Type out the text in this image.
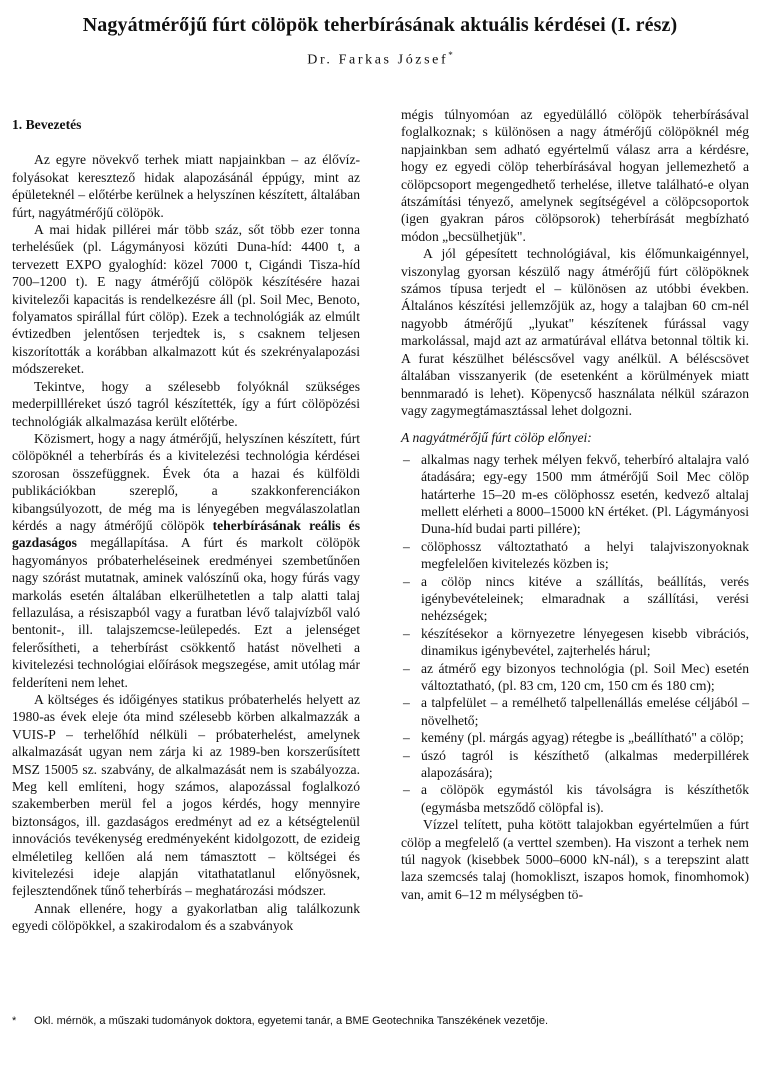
Nagyátmérőjű fúrt cölöpök teherbírásának aktuális kérdései (I. rész)
Dr. Farkas József*

1. Bevezetés

Az egyre növekvő terhek miatt napjainkban – az élővíz-folyásokat keresztező hidak alapozásánál éppúgy, mint az épületeknél – előtérbe kerülnek a helyszínen készített, általában fúrt, nagyátmérőjű cölöpök.

A mai hidak pillérei már több száz, sőt több ezer tonna terhelésűek (pl. Lágymányosi közúti Duna-híd: 4400 t, a tervezett EXPO gyaloghíd: közel 7000 t, Cigándi Tisza-híd 700–1200 t). E nagy átmérőjű cölöpök készítésére hazai kivitelezői kapacitás is rendelkezésre áll (pl. Soil Mec, Benoto, folyamatos spirállal fúrt cölöp). Ezek a technológiák az elmúlt évtizedben jelentősen terjedtek is, s csaknem teljesen kiszorították a korábban alkalmazott kút és szekrényalapozási módszereket.

Tekintve, hogy a szélesebb folyóknál szükséges mederpillléreket úszó tagról készítették, így a fúrt cölöpözési technológiák alkalmazása került előtérbe.

Közismert, hogy a nagy átmérőjű, helyszínen készített, fúrt cölöpöknél a teherbírás és a kivitelezési technológia kérdései szorosan összefüggnek. Évek óta a hazai és külföldi publikációkban szereplő, a szakkonferenciákon kibangsúlyozott, de még ma is lényegében megválaszolatlan kérdés a nagy átmérőjű cölöpök teherbírásának reális és gazdaságos megállapítása. A fúrt és markolt cölöpök hagyományos próbaterheléseinek eredményei szembetűnően nagy szórást mutatnak, aminek valószínű oka, hogy fúrás vagy markolás esetén általában elkerülhetetlen a talp alatti talaj fellazulása, a résiszapból vagy a furatban lévő talajvízből való bentonit-, ill. talajszemcse-leülepedés. Ezt a jelenséget felerősítheti, a teherbírást csökkentő hatást növelheti a kivitelezési technológiai előírások megszegése, amit utólag már felderíteni nem lehet.

A költséges és időigényes statikus próbaterhelés helyett az 1980-as évek eleje óta mind szélesebb körben alkalmazzák a VUIS-P – terhelőhíd nélküli – próbaterhelést, amelynek alkalmazását ugyan nem zárja ki az 1989-ben korszerűsített MSZ 15005 sz. szabvány, de alkalmazását nem is szabályozza. Meg kell említeni, hogy számos, alapozással foglalkozó szakemberben merül fel a jogos kérdés, hogy mennyire biztonságos, ill. gazdaságos eredményt ad ez a kétségtelenül innovációs tevékenység eredményeként kidolgozott, de ezideig elméletileg kellően alá nem támasztott – költségei és kivitelezési ideje alapján vitathatatlanul előnyösnek, fejlesztendőnek tűnő teherbírás – meghatározási módszer.

Annak ellenére, hogy a gyakorlatban alig találkozunk egyedi cölöpökkel, a szakirodalom és a szabványok

mégis túlnyomóan az egyedülálló cölöpök teherbírásával foglalkoznak; s különösen a nagy átmérőjű cölöpöknél még napjainkban sem adható egyértelmű válasz arra a kérdésre, hogy ez egyedi cölöp teherbírásával hogyan jellemezhető a cölöpcsoport megengedhető terhelése, illetve található-e olyan átszámítási tényező, amelynek segítségével a cölöpcsoportok (igen gyakran páros cölöpsorok) teherbírását megbízható módon „becsülhetjük".

A jól gépesített technológiával, kis élőmunkaigénnyel, viszonylag gyorsan készülő nagy átmérőjű fúrt cölöpöknek számos típusa terjedt el – különösen az utóbbi években. Általános készítési jellemzőjük az, hogy a talajban 60 cm-nél nagyobb átmérőjű „lyukat" készítenek fúrással vagy markolással, majd azt az armatúrával ellátva betonnal töltik ki. A furat készülhet béléscsővel vagy anélkül. A béléscsövet általában visszanyerik (de esetenként a körülmények miatt bennmaradó is lehet). Köpenycső használata nélkül szárazon vagy zagymegtámasztással lehet dolgozni.

A nagyátmérőjű fúrt cölöp előnyei:

– alkalmas nagy terhek mélyen fekvő, teherbíró altalajra való átadására; egy-egy 1500 mm átmérőjű Soil Mec cölöp határterhe 15–20 m-es cölöphossz esetén, kedvező altalaj mellett elérheti a 8000–15000 kN értéket. (Pl. Lágymányosi Duna-híd budai parti pillére);
– cölöphossz változtatható a helyi talajviszonyoknak megfelelően kivitelezés közben is;
– a cölöp nincs kitéve a szállítás, beállítás, verés igénybevételeinek; elmaradnak a szállítási, verési nehézségek;
– készítésekor a környezetre lényegesen kisebb vibrációs, dinamikus igénybevétel, zajterhelés hárul;
– az átmérő egy bizonyos technológia (pl. Soil Mec) esetén változtatható, (pl. 83 cm, 120 cm, 150 cm és 180 cm);
– a talpfelület – a remélhető talpellenállás emelése céljából – növelhető;
– kemény (pl. márgás agyag) rétegbe is „beállítható" a cölöp;
– úszó tagról is készíthető (alkalmas mederpillérek alapozására);
– a cölöpök egymástól kis távolságra is készíthetők (egymásba metsződő cölöpfal is).

Vízzel telített, puha kötött talajokban egyértelműen a fúrt cölöp a megfelelő (a verttel szemben). Ha viszont a terhek nem túl nagyok (kisebbek 5000–6000 kN-nál), s a terepszint alatt laza szemcsés talaj (homokliszt, iszapos homok, finomhomok) van, amit 6–12 m mélységben tö-

* Okl. mérnök, a műszaki tudományok doktora, egyetemi tanár, a BME Geotechnika Tanszékének vezetője.
